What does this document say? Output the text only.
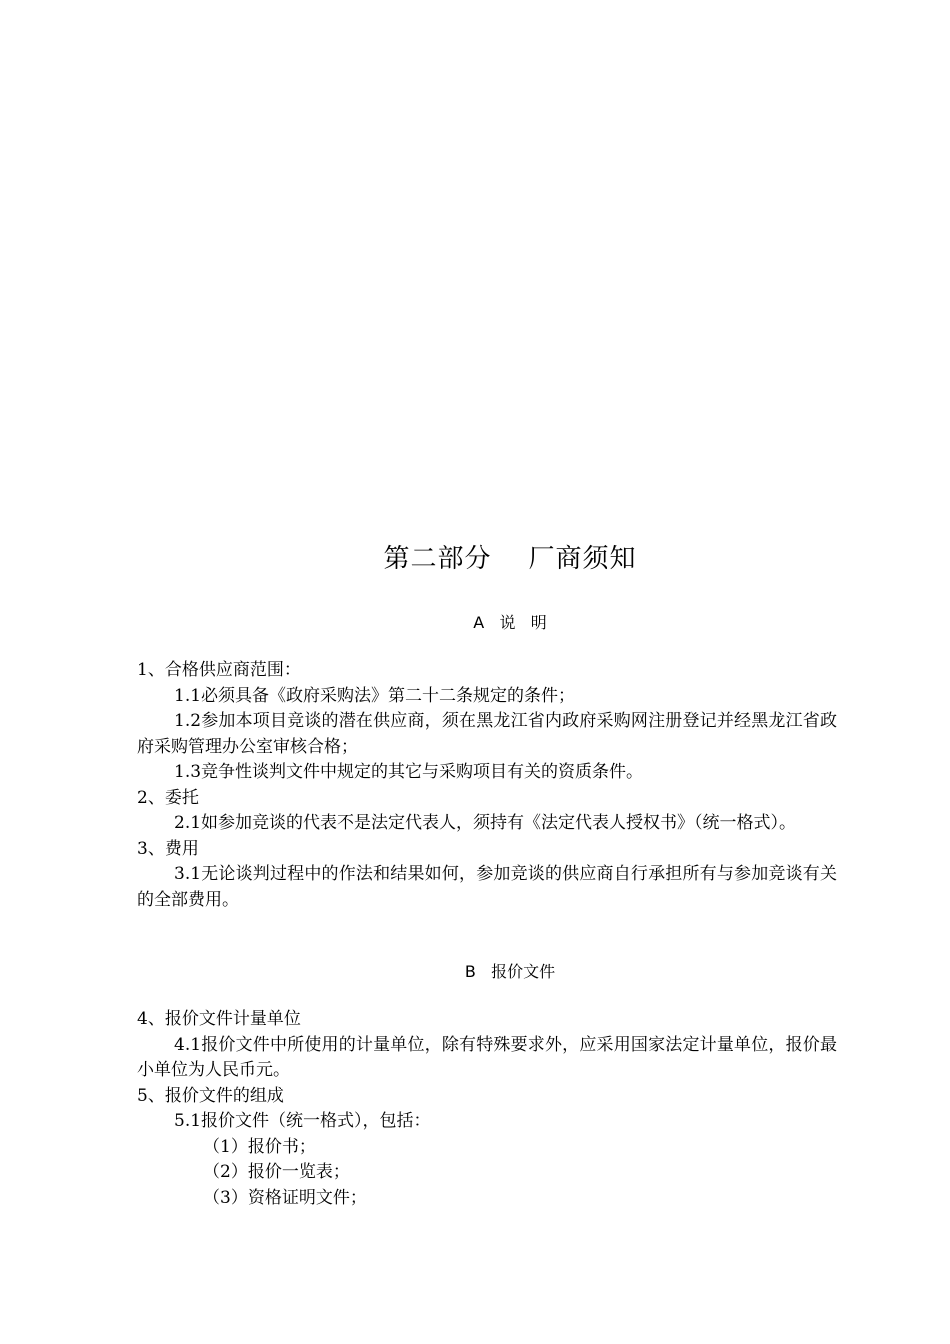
第二部分    厂商须知
A   说   明
1、合格供应商范围：
1.1必须具备《政府采购法》第二十二条规定的条件；
1.2参加本项目竞谈的潜在供应商，须在黑龙江省内政府采购网注册登记并经黑龙江省政府采购管理办公室审核合格；
1.3竞争性谈判文件中规定的其它与采购项目有关的资质条件。
2、委托
2.1如参加竞谈的代表不是法定代表人，须持有《法定代表人授权书》（统一格式）。
3、费用
3.1无论谈判过程中的作法和结果如何，参加竞谈的供应商自行承担所有与参加竞谈有关的全部费用。
B   报价文件
4、报价文件计量单位
4.1报价文件中所使用的计量单位，除有特殊要求外，应采用国家法定计量单位，报价最小单位为人民币元。
5、报价文件的组成
5.1报价文件（统一格式），包括：
（1）报价书；
（2）报价一览表；
（3）资格证明文件；
